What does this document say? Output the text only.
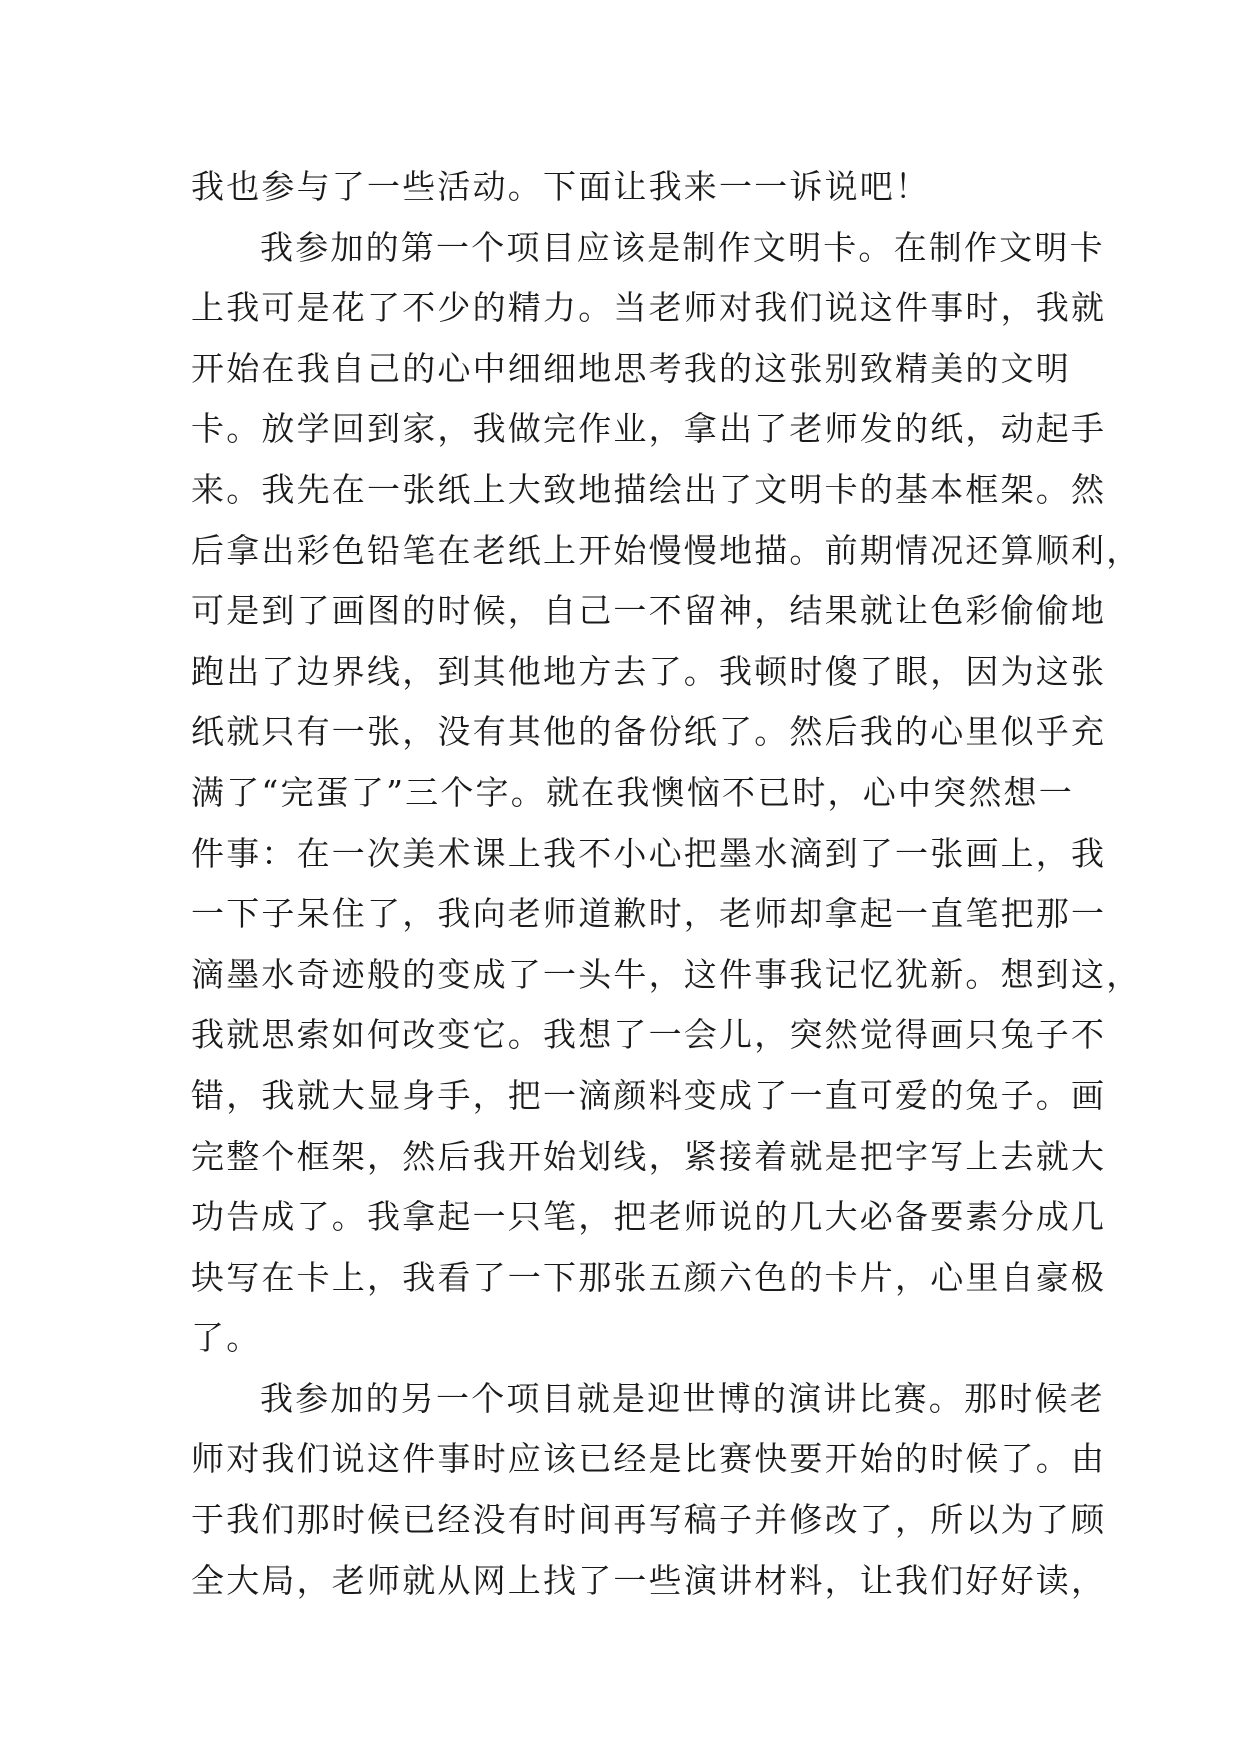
我也参与了一些活动。下面让我来一一诉说吧！
我参加的第一个项目应该是制作文明卡。在制作文明卡
上我可是花了不少的精力。当老师对我们说这件事时，我就
开始在我自己的心中细细地思考我的这张别致精美的文明
卡。放学回到家，我做完作业，拿出了老师发的纸，动起手
来。我先在一张纸上大致地描绘出了文明卡的基本框架。然
后拿出彩色铅笔在老纸上开始慢慢地描。前期情况还算顺利，
可是到了画图的时候，自己一不留神，结果就让色彩偷偷地
跑出了边界线，到其他地方去了。我顿时傻了眼，因为这张
纸就只有一张，没有其他的备份纸了。然后我的心里似乎充
满了“完蛋了”三个字。就在我懊恼不已时，心中突然想一
件事：在一次美术课上我不小心把墨水滴到了一张画上，我
一下子呆住了，我向老师道歉时，老师却拿起一直笔把那一
滴墨水奇迹般的变成了一头牛，这件事我记忆犹新。想到这，
我就思索如何改变它。我想了一会儿，突然觉得画只兔子不
错，我就大显身手，把一滴颜料变成了一直可爱的兔子。画
完整个框架，然后我开始划线，紧接着就是把字写上去就大
功告成了。我拿起一只笔，把老师说的几大必备要素分成几
块写在卡上，我看了一下那张五颜六色的卡片，心里自豪极
了。
我参加的另一个项目就是迎世博的演讲比赛。那时候老
师对我们说这件事时应该已经是比赛快要开始的时候了。由
于我们那时候已经没有时间再写稿子并修改了，所以为了顾
全大局，老师就从网上找了一些演讲材料，让我们好好读，
